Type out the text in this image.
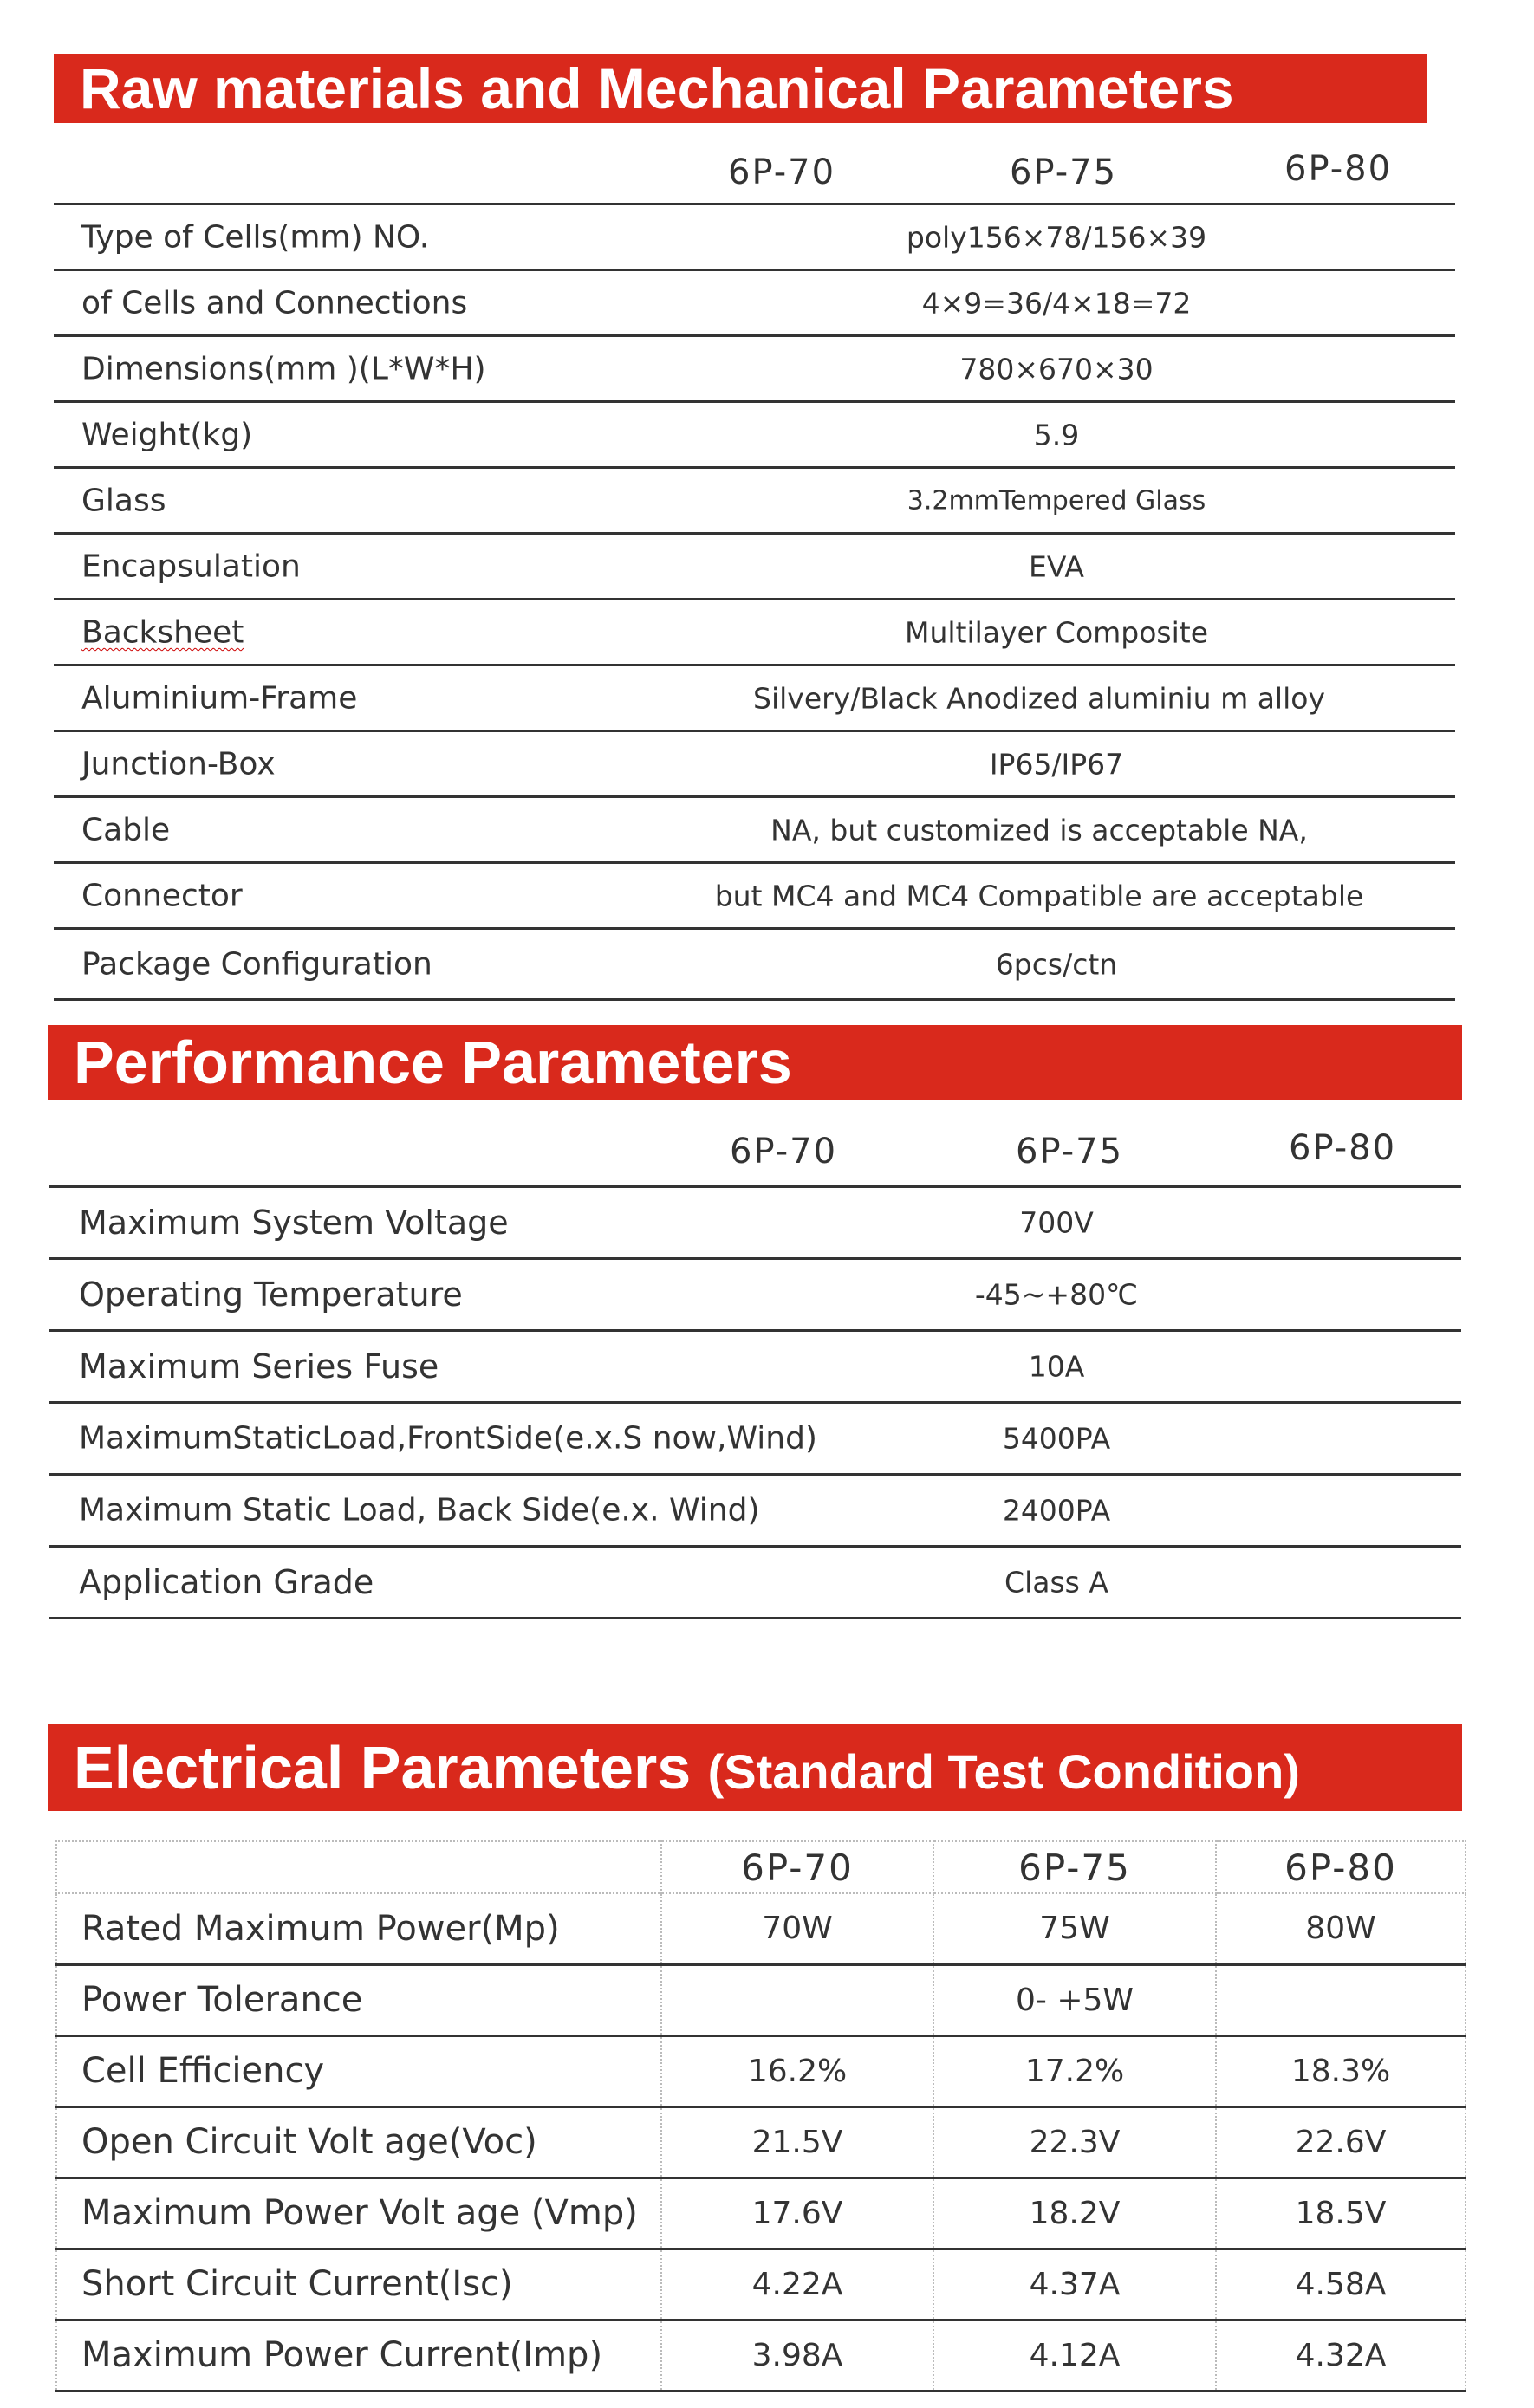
Raw materials and Mechanical Parameters
6P-70	6P-75	6P-80
Type of Cells(mm) NO.	poly156×78/156×39
of Cells and Connections	4×9=36/4×18=72
Dimensions(mm )(L*W*H)	780×670×30
Weight(kg)	5.9
Glass	3.2mmTempered Glass
Encapsulation	EVA
Backsheet	Multilayer Composite
Aluminium-Frame	Silvery/Black Anodized aluminiu m alloy
Junction-Box	IP65/IP67
Cable	NA, but customized is acceptable NA,
Connector	but MC4 and MC4 Compatible are acceptable
Package Configuration	6pcs/ctn
Performance Parameters
6P-70	6P-75	6P-80
Maximum System Voltage	700V
Operating Temperature	-45~+80℃
Maximum Series Fuse	10A
MaximumStaticLoad,FrontSide(e.x.S now,Wind)	5400PA
Maximum Static Load, Back Side(e.x. Wind)	2400PA
Application Grade	Class A
Electrical Parameters (Standard Test Condition)
	6P-70	6P-75	6P-80
Rated Maximum Power(Mp)	70W	75W	80W
Power Tolerance		0- +5W	
Cell Efficiency	16.2%	17.2%	18.3%
Open Circuit Volt age(Voc)	21.5V	22.3V	22.6V
Maximum Power Volt age (Vmp)	17.6V	18.2V	18.5V
Short Circuit Current(Isc)	4.22A	4.37A	4.58A
Maximum Power Current(Imp)	3.98A	4.12A	4.32A
